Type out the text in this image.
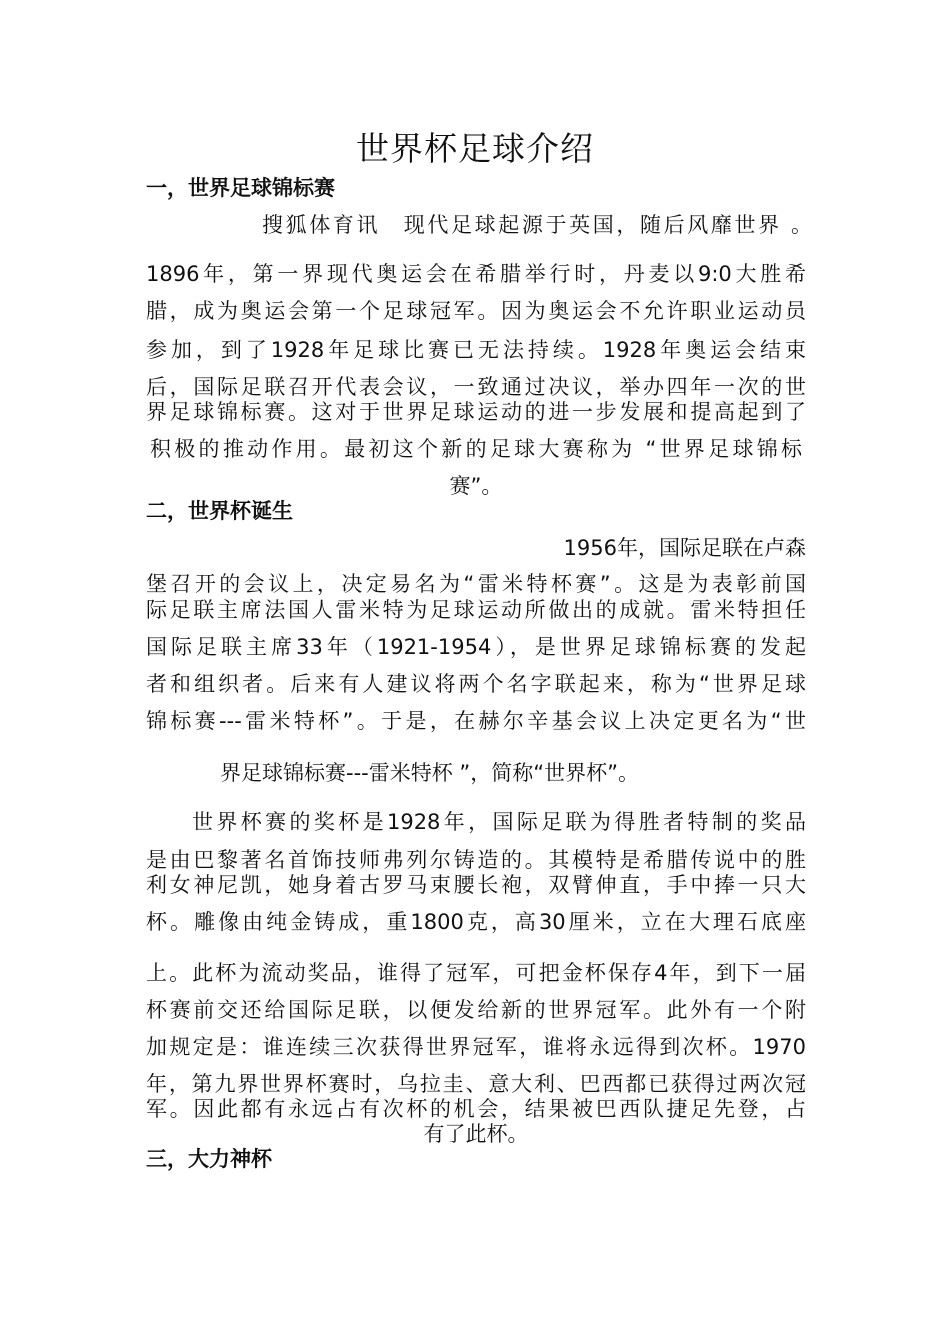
世界杯足球介绍
一，世界足球锦标赛
搜狐体育讯　现代足球起源于英国，随后风靡世界 。
1896年，第一界现代奥运会在希腊举行时，丹麦以9:0大胜希
腊，成为奥运会第一个足球冠军。因为奥运会不允许职业运动员
参加，到了1928年足球比赛已无法持续。1928年奥运会结束
后，国际足联召开代表会议，一致通过决议，举办四年一次的世
界足球锦标赛。这对于世界足球运动的进一步发展和提高起到了
积极的推动作用。最初这个新的足球大赛称为 “世界足球锦标
赛”。
二，世界杯诞生
1956年，国际足联在卢森
堡召开的会议上，决定易名为“雷米特杯赛”。这是为表彰前国
际足联主席法国人雷米特为足球运动所做出的成就。雷米特担任
国际足联主席33年（1921-1954），是世界足球锦标赛的发起
者和组织者。后来有人建议将两个名字联起来，称为“世界足球
锦标赛---雷米特杯”。于是，在赫尔辛基会议上决定更名为“世
界足球锦标赛---雷米特杯 ”，简称“世界杯”。
世界杯赛的奖杯是1928年，国际足联为得胜者特制的奖品
是由巴黎著名首饰技师弗列尔铸造的。其模特是希腊传说中的胜
利女神尼凯，她身着古罗马束腰长袍，双臂伸直，手中捧一只大
杯。雕像由纯金铸成，重1800克，高30厘米，立在大理石底座
上。此杯为流动奖品，谁得了冠军，可把金杯保存4年，到下一届
杯赛前交还给国际足联，以便发给新的世界冠军。此外有一个附
加规定是：谁连续三次获得世界冠军，谁将永远得到次杯。1970
年，第九界世界杯赛时，乌拉圭、意大利、巴西都已获得过两次冠
军。因此都有永远占有次杯的机会，结果被巴西队捷足先登，占
有了此杯。
三，大力神杯
